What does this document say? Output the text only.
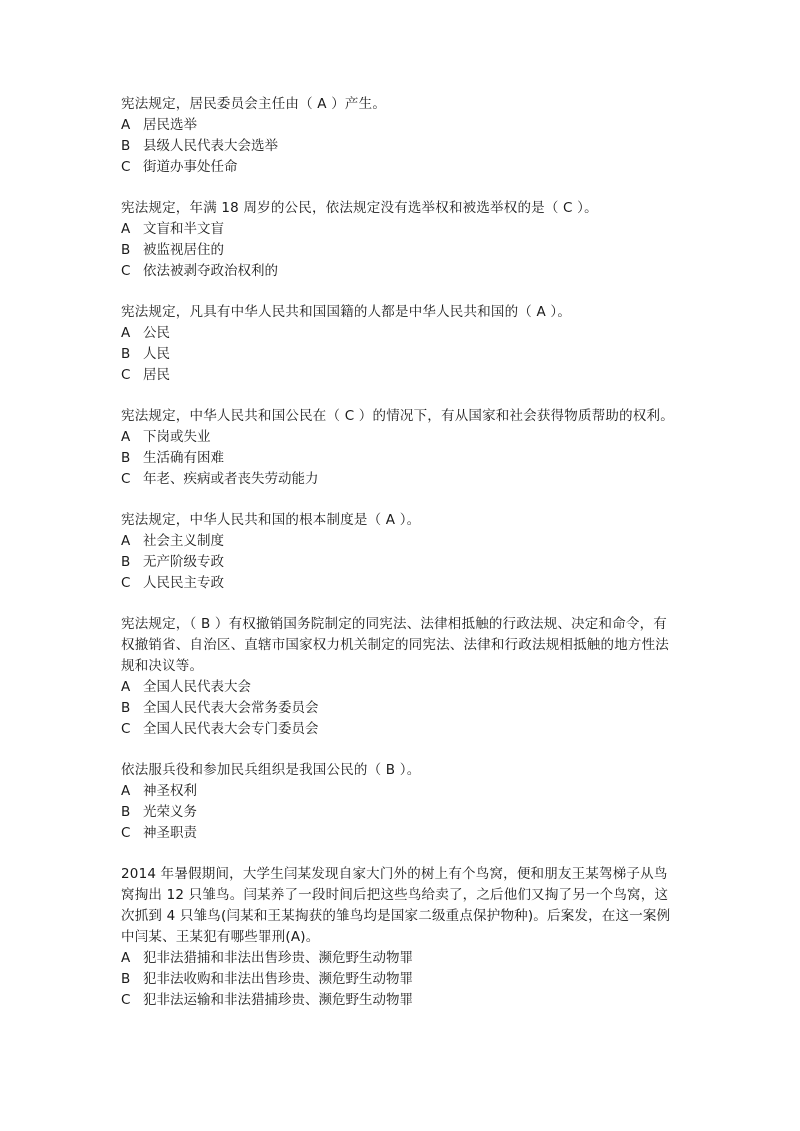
宪法规定，居民委员会主任由（ A ）产生。

A 居民选举
B 县级人民代表大会选举
C 街道办事处任命

宪法规定，年满 18 周岁的公民，依法规定没有选举权和被选举权的是（ C ）。

A 文盲和半文盲
B 被监视居住的
C 依法被剥夺政治权利的

宪法规定，凡具有中华人民共和国国籍的人都是中华人民共和国的（ A ）。

A 公民
B 人民
C 居民

宪法规定，中华人民共和国公民在（ C ）的情况下，有从国家和社会获得物质帮助的权利。

A 下岗或失业
B 生活确有困难
C 年老、疾病或者丧失劳动能力

宪法规定，中华人民共和国的根本制度是（ A ）。

A 社会主义制度
B 无产阶级专政
C 人民民主专政

宪法规定，（ B ）有权撤销国务院制定的同宪法、法律相抵触的行政法规、决定和命令，有
权撤销省、自治区、直辖市国家权力机关制定的同宪法、法律和行政法规相抵触的地方性法
规和决议等。

A 全国人民代表大会
B 全国人民代表大会常务委员会
C 全国人民代表大会专门委员会

依法服兵役和参加民兵组织是我国公民的（ B ）。

A 神圣权利
B 光荣义务
C 神圣职责

2014 年暑假期间，大学生闫某发现自家大门外的树上有个鸟窝，便和朋友王某驾梯子从鸟
窝掏出 12 只雏鸟。闫某养了一段时间后把这些鸟给卖了，之后他们又掏了另一个鸟窝，这
次抓到 4 只雏鸟(闫某和王某掏获的雏鸟均是国家二级重点保护物种)。后案发，在这一案例
中闫某、王某犯有哪些罪刑(A)。

A 犯非法猎捕和非法出售珍贵、濒危野生动物罪
B 犯非法收购和非法出售珍贵、濒危野生动物罪
C 犯非法运输和非法猎捕珍贵、濒危野生动物罪
